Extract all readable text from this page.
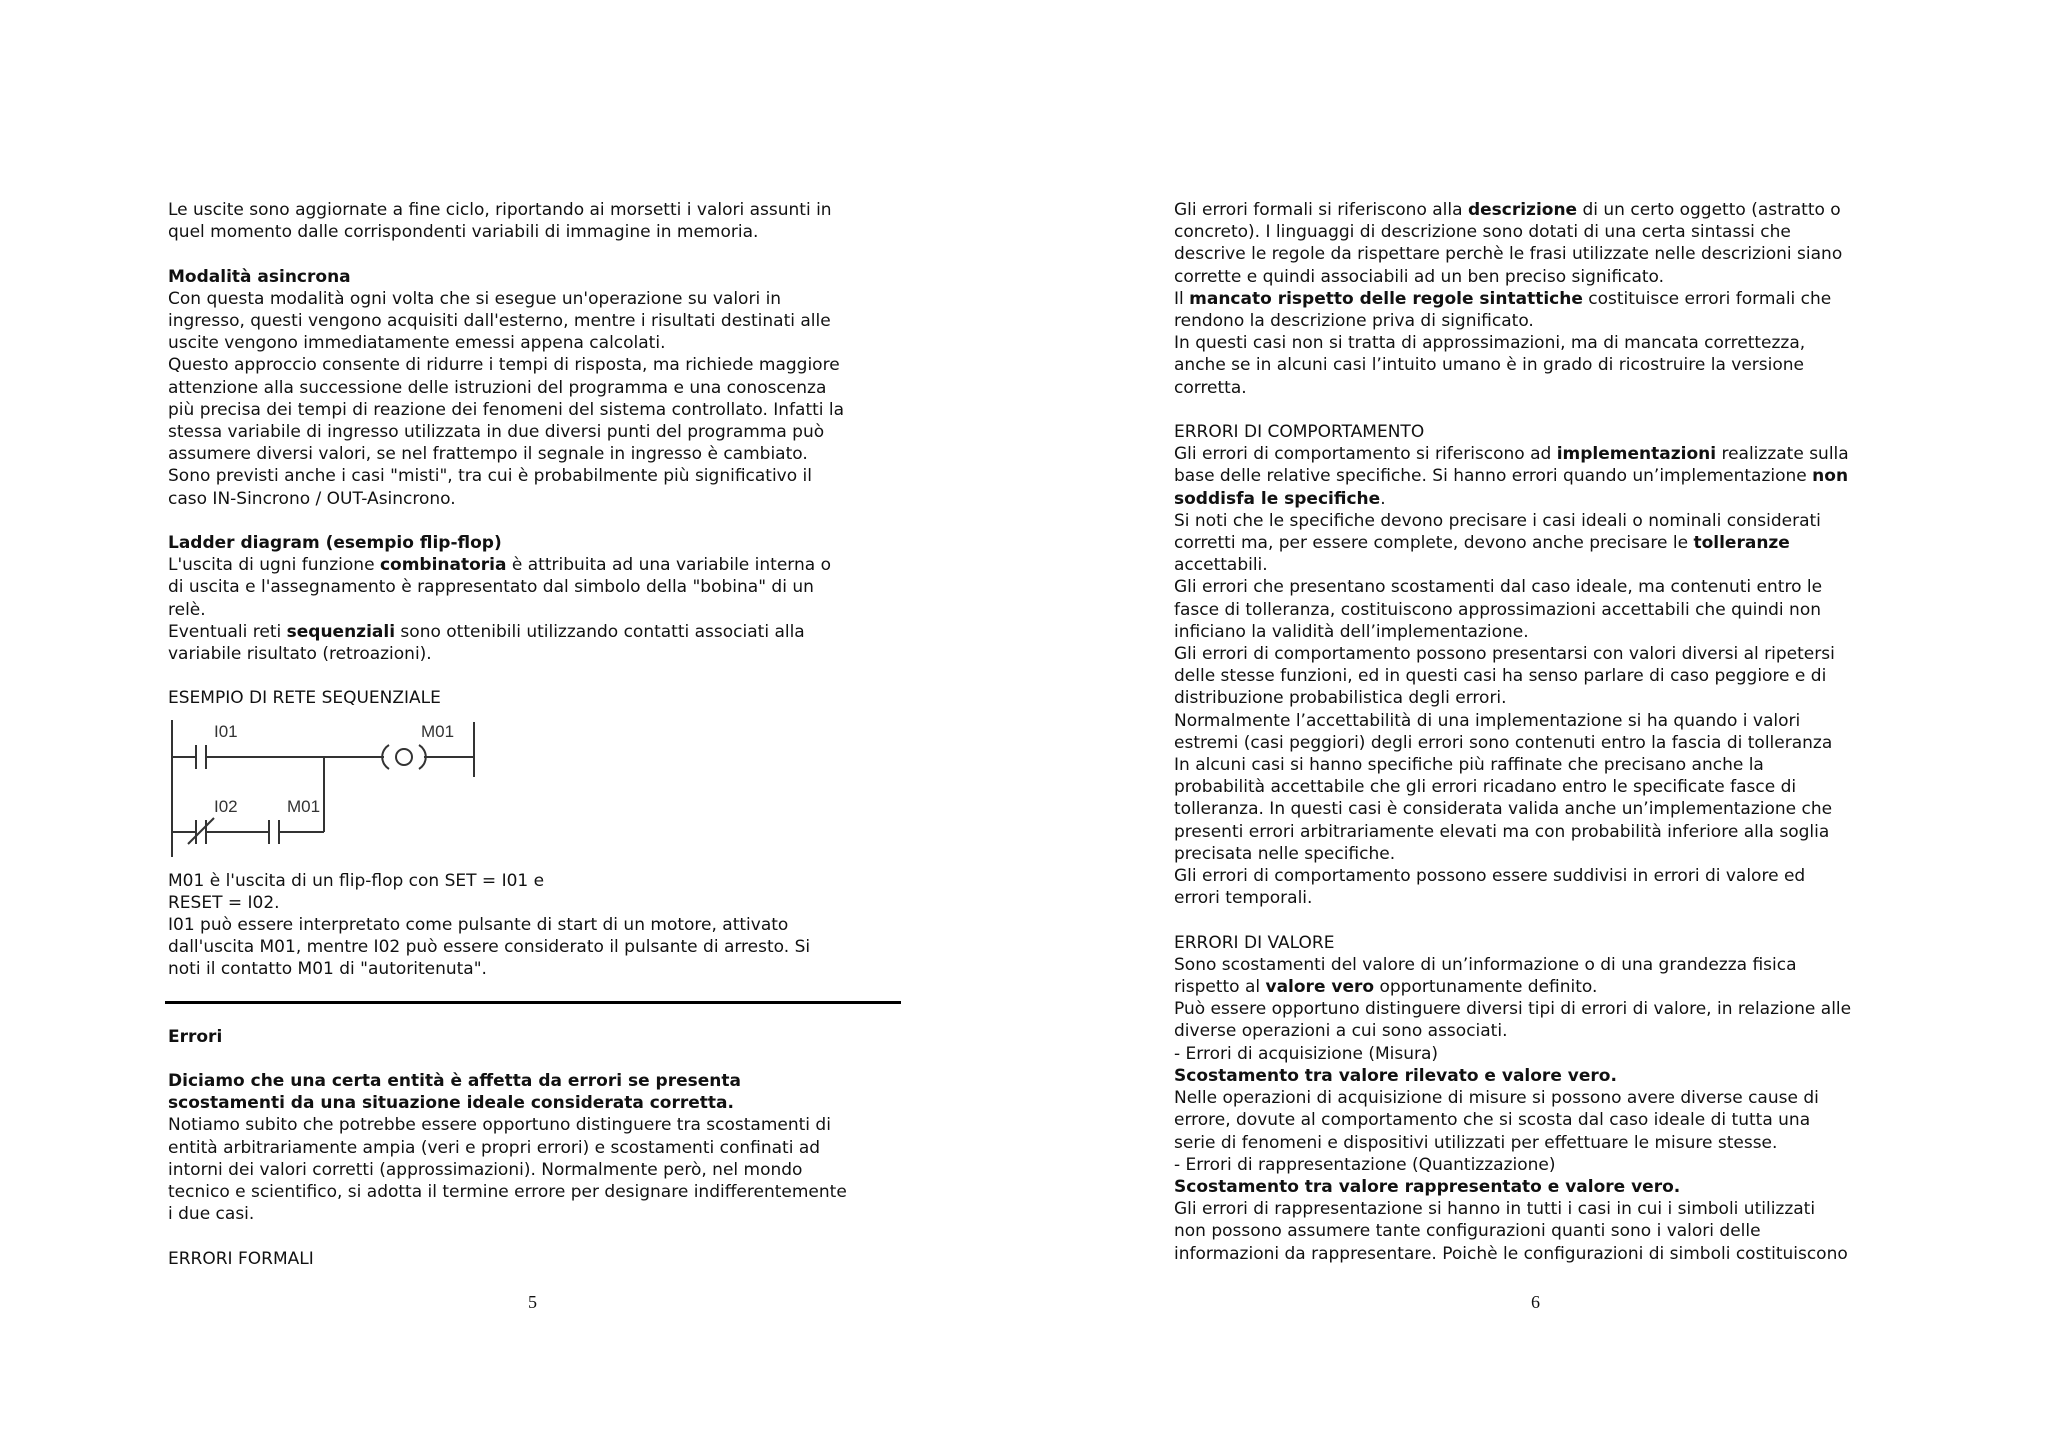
Le uscite sono aggiornate a fine ciclo, riportando ai morsetti i valori assunti in

quel momento dalle corrispondenti variabili di immagine in memoria.

Modalità asincrona

Con questa modalità ogni volta che si esegue un'operazione su valori in

ingresso, questi vengono acquisiti dall'esterno, mentre i risultati destinati alle

uscite vengono immediatamente emessi appena calcolati.

Questo approccio consente di ridurre i tempi di risposta, ma richiede maggiore

attenzione alla successione delle istruzioni del programma e una conoscenza

più precisa dei tempi di reazione dei fenomeni del sistema controllato. Infatti la

stessa variabile di ingresso utilizzata in due diversi punti del programma può

assumere diversi valori, se nel frattempo il segnale in ingresso è cambiato.

Sono previsti anche i casi "misti", tra cui è probabilmente più significativo il

caso IN-Sincrono / OUT-Asincrono.

Ladder diagram (esempio flip-flop)

L'uscita di ugni funzione combinatoria è attribuita ad una variabile interna o

di uscita e l'assegnamento è rappresentato dal simbolo della "bobina" di un

relè.

Eventuali reti sequenziali sono ottenibili utilizzando contatti associati alla

variabile risultato (retroazioni).

ESEMPIO DI RETE SEQUENZIALE

I01	M01
I02	M01

M01 è l'uscita di un flip-flop con SET = I01 e

RESET = I02.

I01 può essere interpretato come pulsante di start di un motore, attivato

dall'uscita M01, mentre I02 può essere considerato il pulsante di arresto. Si

noti il contatto M01 di "autoritenuta".

Errori

Diciamo che una certa entità è affetta da errori se presenta

scostamenti da una situazione ideale considerata corretta.

Notiamo subito che potrebbe essere opportuno distinguere tra scostamenti di

entità arbitrariamente ampia (veri e propri errori) e scostamenti confinati ad

intorni dei valori corretti (approssimazioni). Normalmente però, nel mondo

tecnico e scientifico, si adotta il termine errore per designare indifferentemente

i due casi.

ERRORI FORMALI

Gli errori formali si riferiscono alla descrizione di un certo oggetto (astratto o

concreto). I linguaggi di descrizione sono dotati di una certa sintassi che

descrive le regole da rispettare perchè le frasi utilizzate nelle descrizioni siano

corrette e quindi associabili ad un ben preciso significato.

Il mancato rispetto delle regole sintattiche costituisce errori formali che

rendono la descrizione priva di significato.

In questi casi non si tratta di approssimazioni, ma di mancata correttezza,

anche se in alcuni casi l’intuito umano è in grado di ricostruire la versione

corretta.

ERRORI DI COMPORTAMENTO

Gli errori di comportamento si riferiscono ad implementazioni realizzate sulla

base delle relative specifiche. Si hanno errori quando un’implementazione non

soddisfa le specifiche.

Si noti che le specifiche devono precisare i casi ideali o nominali considerati

corretti ma, per essere complete, devono anche precisare le tolleranze

accettabili.

Gli errori che presentano scostamenti dal caso ideale, ma contenuti entro le

fasce di tolleranza, costituiscono approssimazioni accettabili che quindi non

inficiano la validità dell’implementazione.

Gli errori di comportamento possono presentarsi con valori diversi al ripetersi

delle stesse funzioni, ed in questi casi ha senso parlare di caso peggiore e di

distribuzione probabilistica degli errori.

Normalmente l’accettabilità di una implementazione si ha quando i valori

estremi (casi peggiori) degli errori sono contenuti entro la fascia di tolleranza

In alcuni casi si hanno specifiche più raffinate che precisano anche la

probabilità accettabile che gli errori ricadano entro le specificate fasce di

tolleranza. In questi casi è considerata valida anche un’implementazione che

presenti errori arbitrariamente elevati ma con probabilità inferiore alla soglia

precisata nelle specifiche.

Gli errori di comportamento possono essere suddivisi in errori di valore ed

errori temporali.

ERRORI DI VALORE

Sono scostamenti del valore di un’informazione o di una grandezza fisica

rispetto al valore vero opportunamente definito.

Può essere opportuno distinguere diversi tipi di errori di valore, in relazione alle

diverse operazioni a cui sono associati.

- Errori di acquisizione (Misura)

Scostamento tra valore rilevato e valore vero.

Nelle operazioni di acquisizione di misure si possono avere diverse cause di

errore, dovute al comportamento che si scosta dal caso ideale di tutta una

serie di fenomeni e dispositivi utilizzati per effettuare le misure stesse.

- Errori di rappresentazione (Quantizzazione)

Scostamento tra valore rappresentato e valore vero.

Gli errori di rappresentazione si hanno in tutti i casi in cui i simboli utilizzati

non possono assumere tante configurazioni quanti sono i valori delle

informazioni da rappresentare. Poichè le configurazioni di simboli costituiscono

5	6
